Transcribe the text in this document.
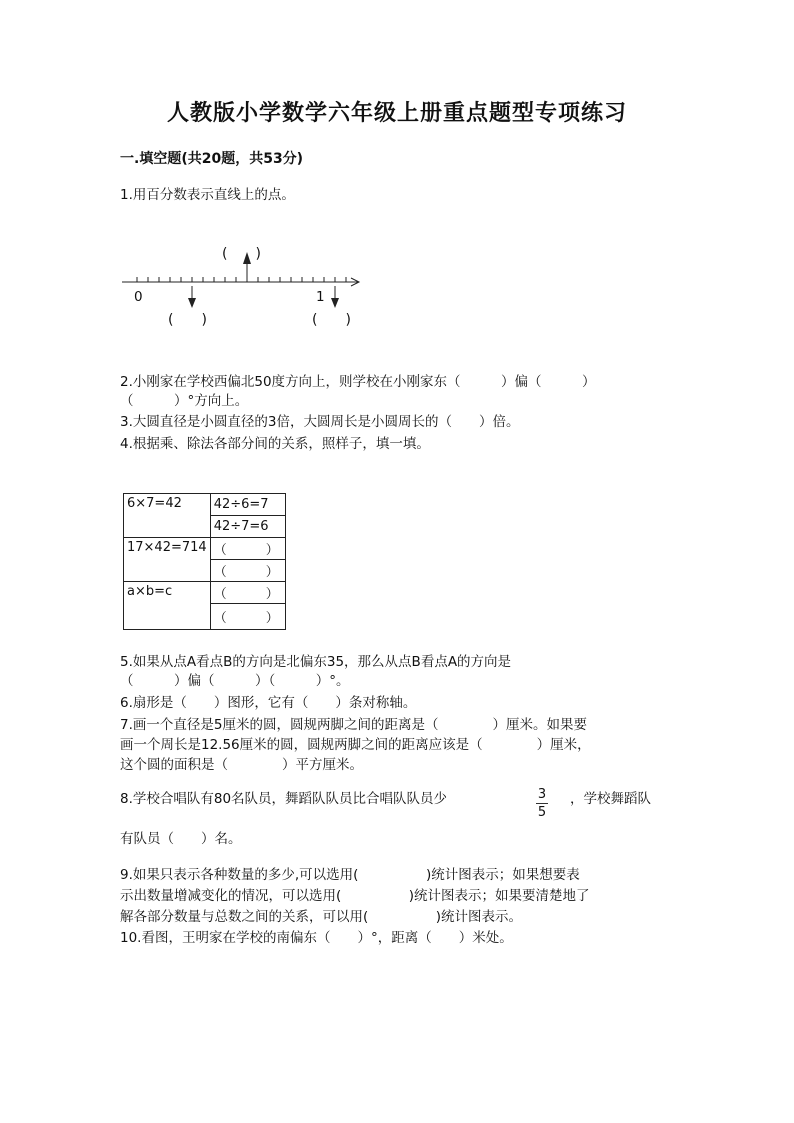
人教版小学数学六年级上册重点题型专项练习
一.填空题(共20题，共53分)
1.用百分数表示直线上的点。
0	1
(　　)
(　　)	(　　)
2.小刚家在学校西偏北50度方向上，则学校在小刚家东（　　　）偏（　　　）
（　　　）°方向上。
3.大圆直径是小圆直径的3倍，大圆周长是小圆周长的（　　）倍。
4.根据乘、除法各部分间的关系，照样子，填一填。
6×7=42	42÷6=7
	42÷7=6
17×42=714	（　　　）
	（　　　）
a×b=c	（　　　）
	（　　　）
5.如果从点A看点B的方向是北偏东35，那么从点B看点A的方向是
（　　　）偏（　　　）（　　　）°。
6.扇形是（　　）图形，它有（　　）条对称轴。
7.画一个直径是5厘米的圆，圆规两脚之间的距离是（　　　　）厘米。如果要
画一个周长是12.56厘米的圆，圆规两脚之间的距离应该是（　　　　）厘米，
这个圆的面积是（　　　　）平方厘米。
8.学校合唱队有80名队员，舞蹈队队员比合唱队队员少	3
5
，学校舞蹈队
有队员（　　）名。
9.如果只表示各种数量的多少,可以选用(　　　　　)统计图表示；如果想要表
示出数量增减变化的情况，可以选用(　　　　　)统计图表示；如果要清楚地了
解各部分数量与总数之间的关系，可以用(　　　　　)统计图表示。
10.看图，王明家在学校的南偏东（　　）°，距离（　　）米处。
